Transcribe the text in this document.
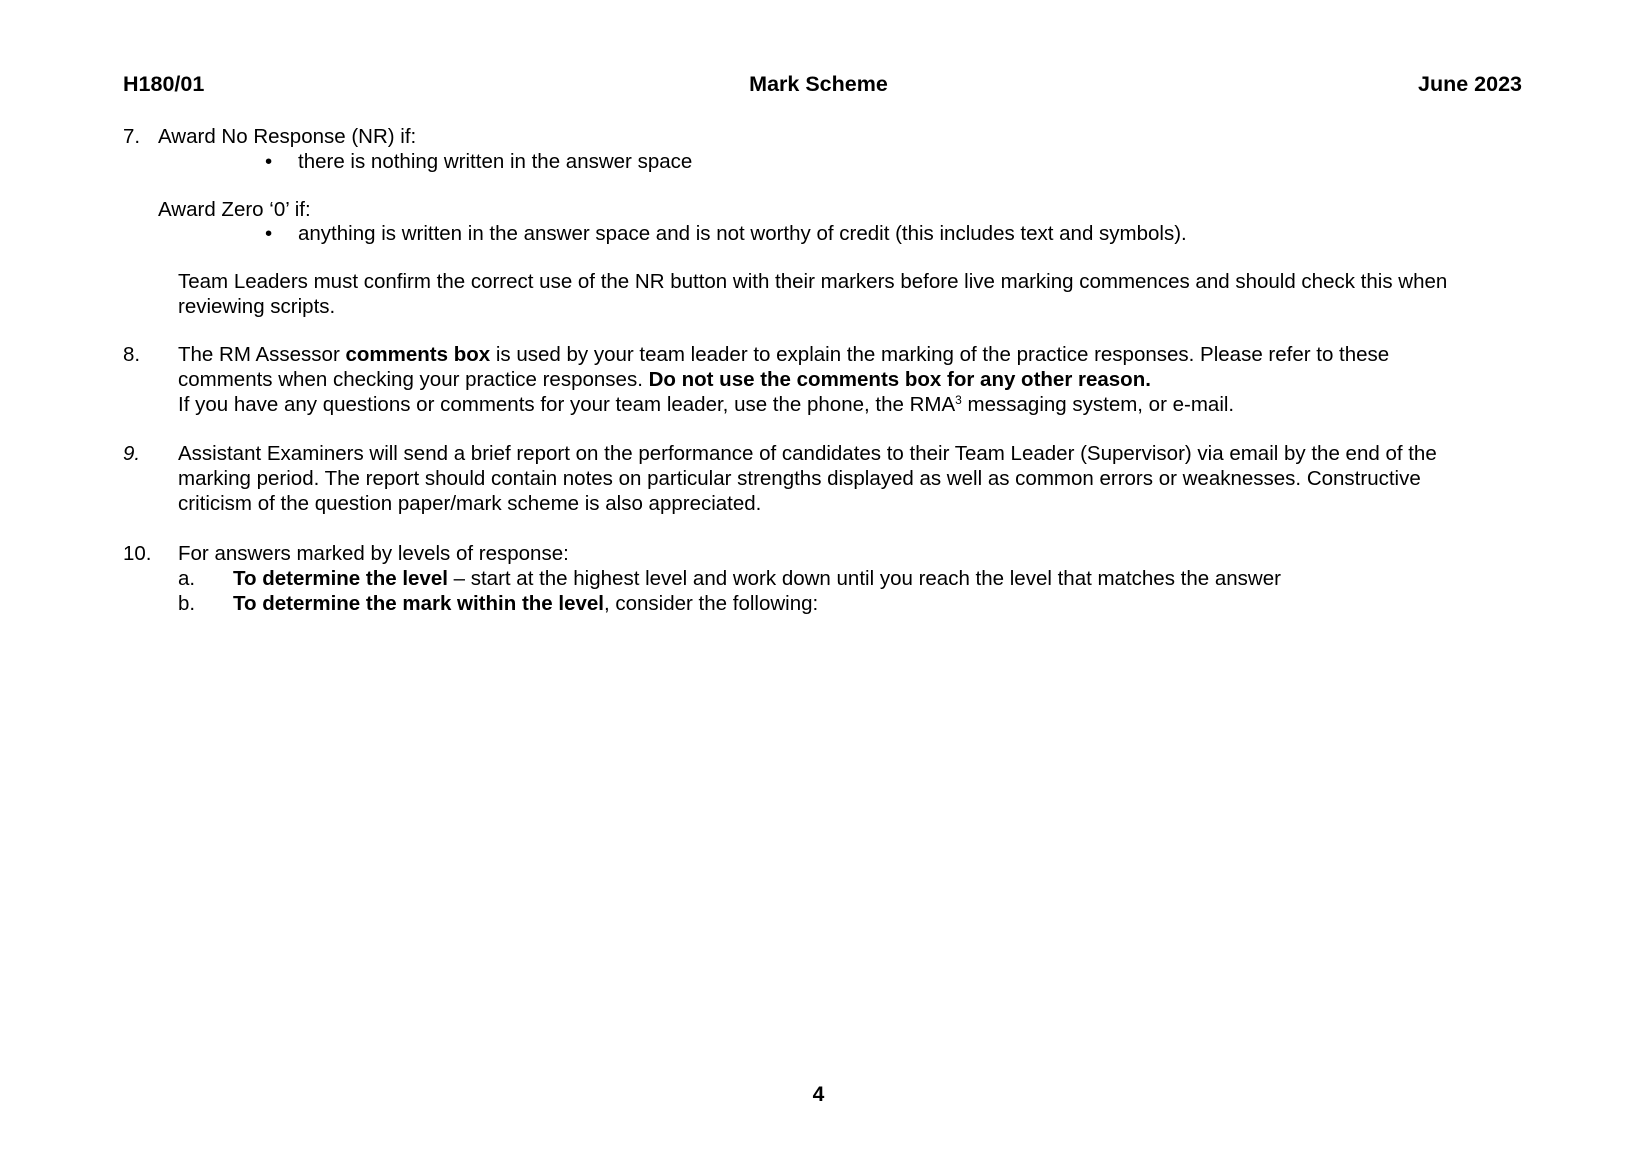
H180/01	Mark Scheme	June 2023
7. Award No Response (NR) if:
• there is nothing written in the answer space
Award Zero ‘0’ if:
• anything is written in the answer space and is not worthy of credit (this includes text and symbols).
Team Leaders must confirm the correct use of the NR button with their markers before live marking commences and should check this when
reviewing scripts.
8. The RM Assessor comments box is used by your team leader to explain the marking of the practice responses. Please refer to these
comments when checking your practice responses. Do not use the comments box for any other reason.
If you have any questions or comments for your team leader, use the phone, the RMA$^3$ messaging system, or e-mail.
9. Assistant Examiners will send a brief report on the performance of candidates to their Team Leader (Supervisor) via email by the end of the
marking period. The report should contain notes on particular strengths displayed as well as common errors or weaknesses. Constructive
criticism of the question paper/mark scheme is also appreciated.
10. For answers marked by levels of response:
a. To determine the level – start at the highest level and work down until you reach the level that matches the answer
b. To determine the mark within the level, consider the following:
4
